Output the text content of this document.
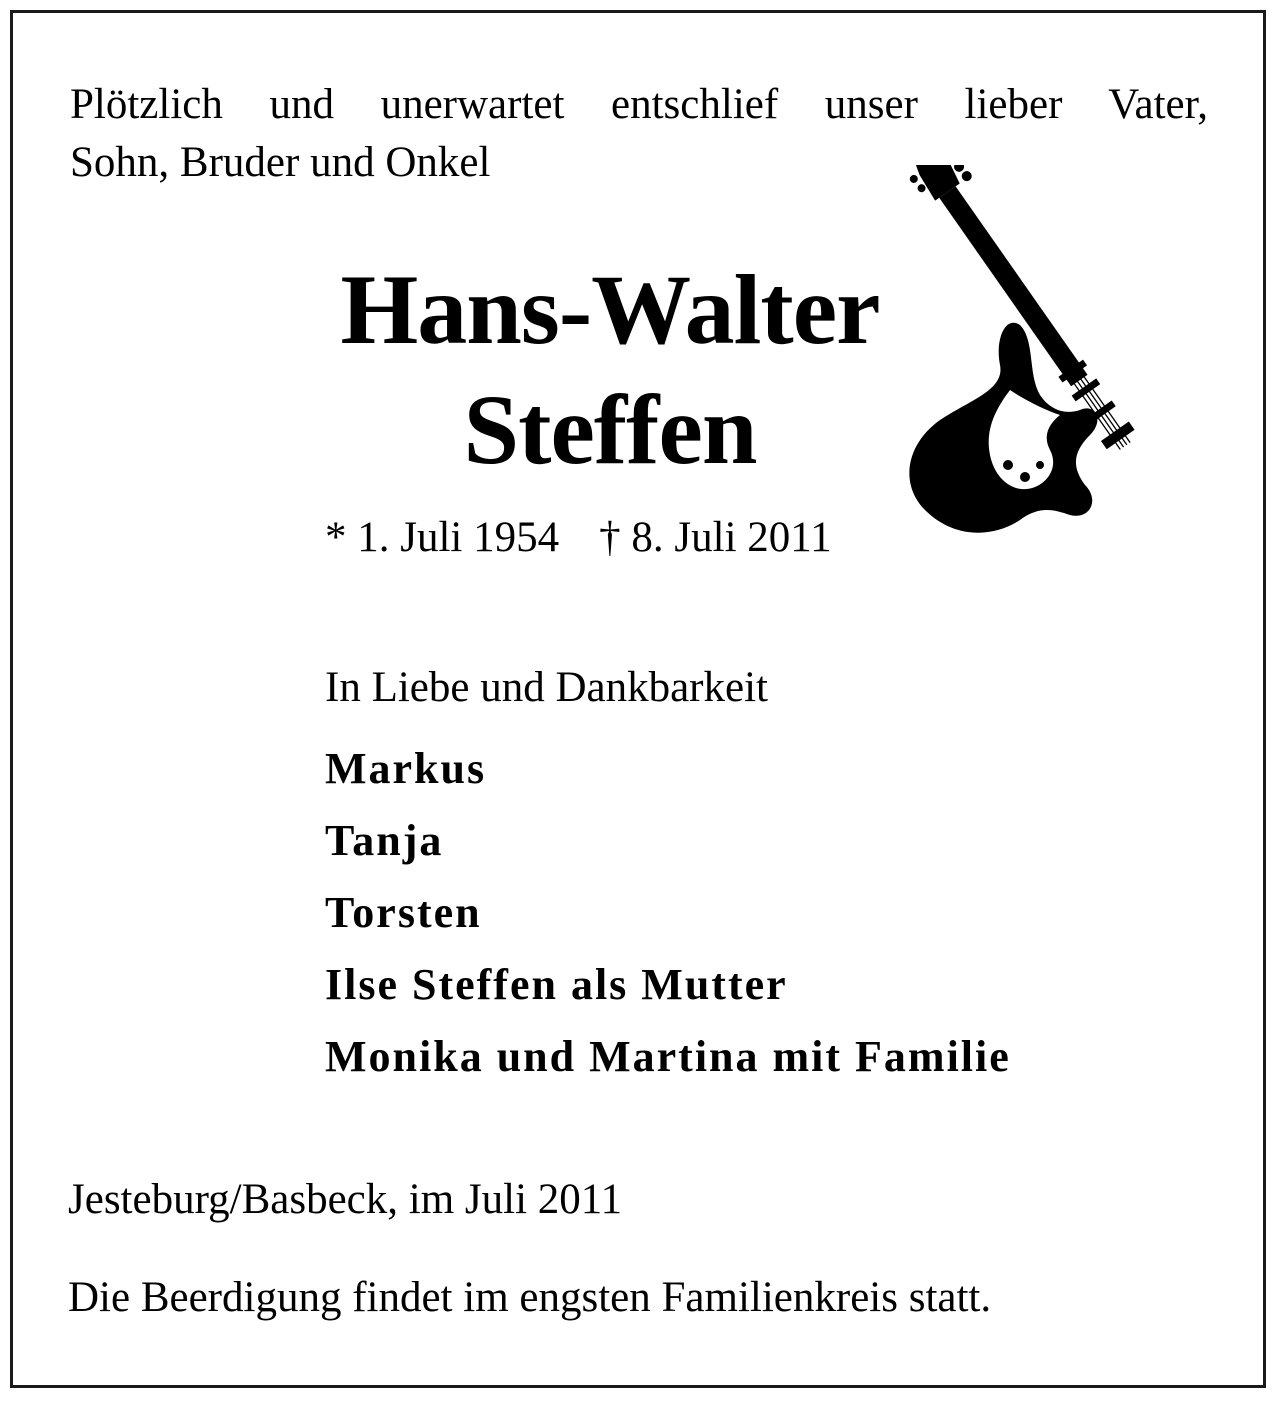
Plötzlich und unerwartet entschlief unser lieber Vater,
Sohn, Bruder und Onkel
Hans-Walter
Steffen
* 1. Juli 1954 † 8. Juli 2011
In Liebe und Dankbarkeit
Markus
Tanja
Torsten
Ilse Steffen als Mutter
Monika und Martina mit Familie
Jesteburg/Basbeck, im Juli 2011
Die Beerdigung findet im engsten Familienkreis statt.
